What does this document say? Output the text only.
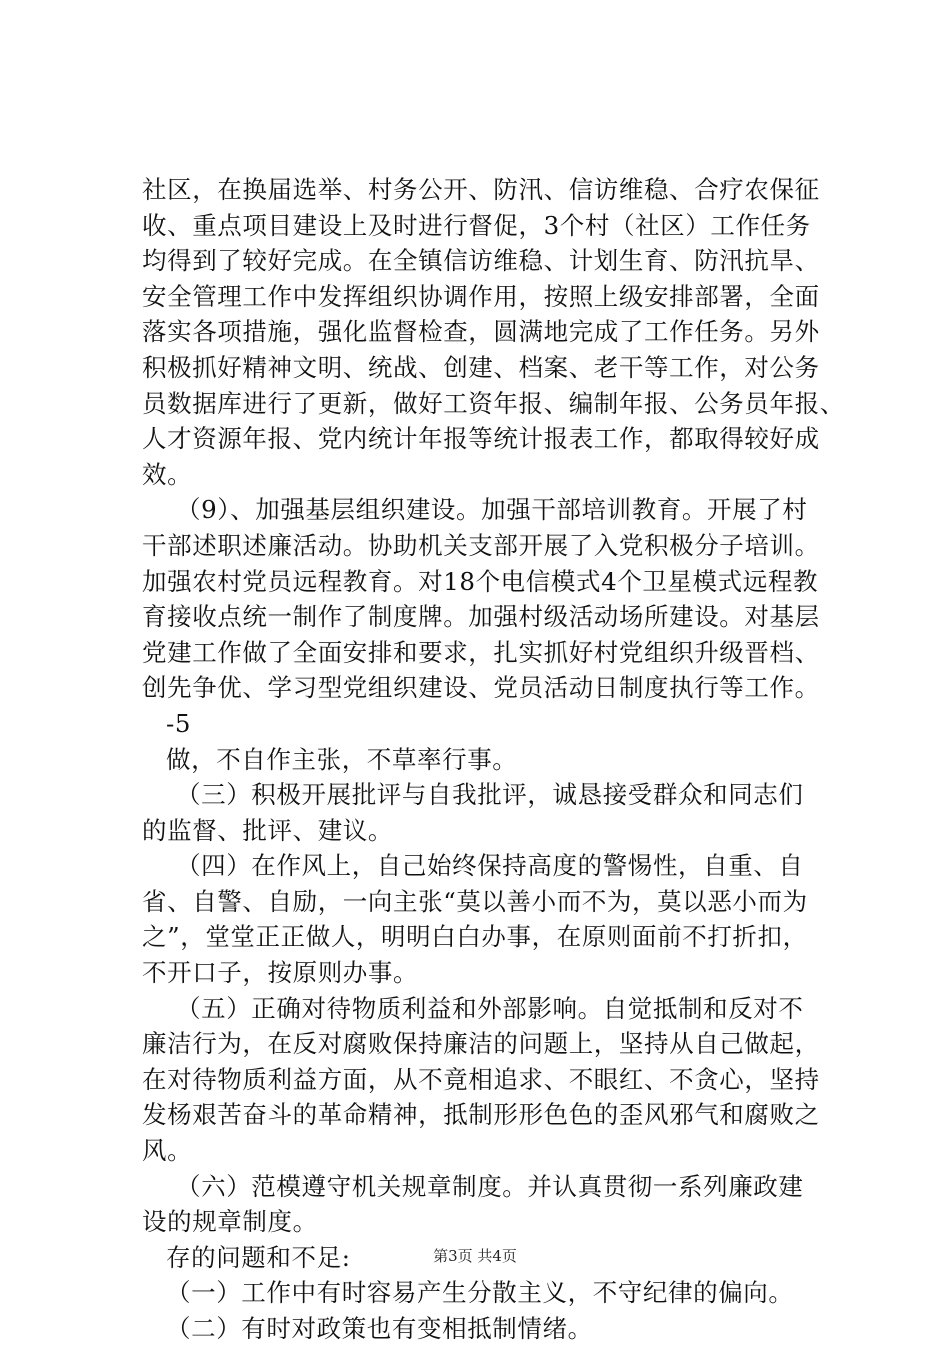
社区，在换届选举、村务公开、防汛、信访维稳、合疗农保征
收、重点项目建设上及时进行督促，3个村（社区）工作任务
均得到了较好完成。在全镇信访维稳、计划生育、防汛抗旱、
安全管理工作中发挥组织协调作用，按照上级安排部署，全面
落实各项措施，强化监督检查，圆满地完成了工作任务。另外
积极抓好精神文明、统战、创建、档案、老干等工作，对公务
员数据库进行了更新，做好工资年报、编制年报、公务员年报、
人才资源年报、党内统计年报等统计报表工作，都取得较好成
效。
（9）、加强基层组织建设。加强干部培训教育。开展了村
干部述职述廉活动。协助机关支部开展了入党积极分子培训。
加强农村党员远程教育。对18个电信模式4个卫星模式远程教
育接收点统一制作了制度牌。加强村级活动场所建设。对基层
党建工作做了全面安排和要求，扎实抓好村党组织升级晋档、
创先争优、学习型党组织建设、党员活动日制度执行等工作。
-5
做，不自作主张，不草率行事。
（三）积极开展批评与自我批评，诚恳接受群众和同志们
的监督、批评、建议。
（四）在作风上，自己始终保持高度的警惕性，自重、自
省、自警、自励，一向主张“莫以善小而不为，莫以恶小而为
之”，堂堂正正做人，明明白白办事，在原则面前不打折扣，
不开口子，按原则办事。
（五）正确对待物质利益和外部影响。自觉抵制和反对不
廉洁行为，在反对腐败保持廉洁的问题上，坚持从自己做起，
在对待物质利益方面，从不竟相追求、不眼红、不贪心，坚持
发杨艰苦奋斗的革命精神，抵制形形色色的歪风邪气和腐败之
风。
（六）范模遵守机关规章制度。并认真贯彻一系列廉政建
设的规章制度。
存的问题和不足:
（一）工作中有时容易产生分散主义，不守纪律的偏向。
（二）有时对政策也有变相抵制情绪。
第3页 共4页
